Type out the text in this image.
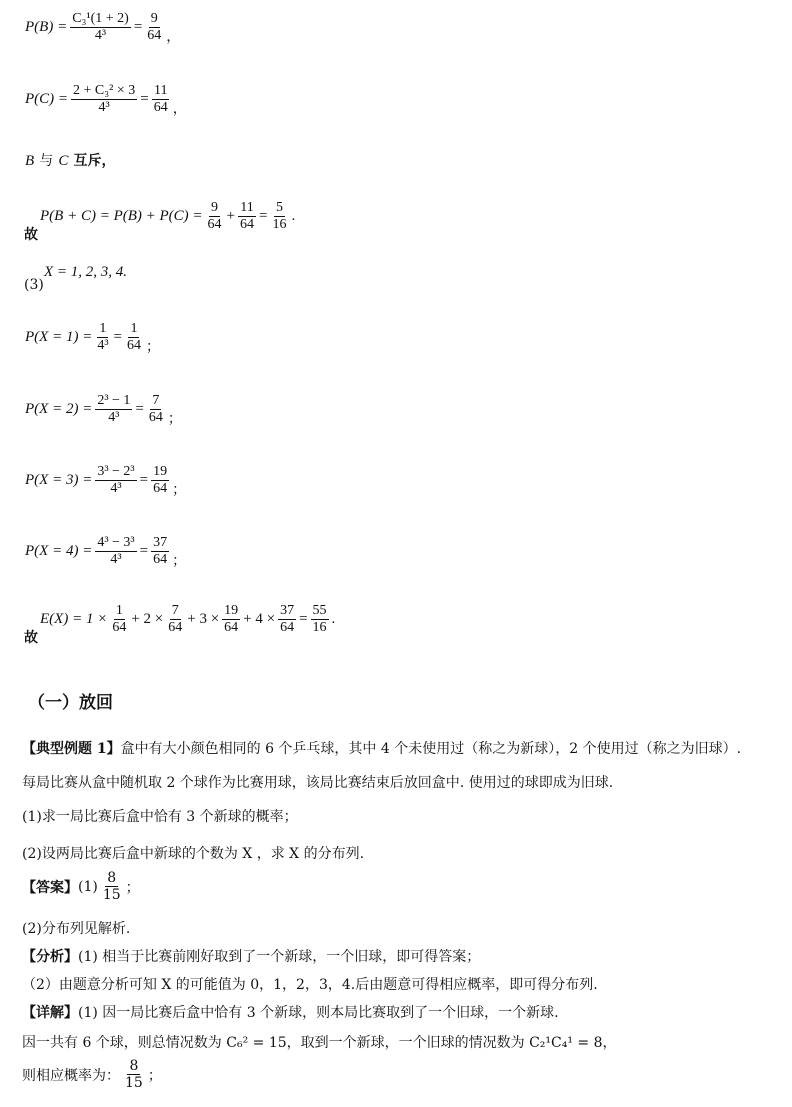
$P(B) = \frac{\text{C₃¹(1 + 2)}}{\text{4³}} = \frac{9}{64}$ ，
$P(C) = \frac{\text{2 + C₃² × 3}}{\text{4³}} = \frac{11}{64}$ ，
B 与 C 互斥，
$P(B + C) = P(B) + P(C) = \frac{9}{64} + \frac{11}{64} = \frac{5}{16}$ .
故
X = 1, 2, 3, 4.
(3)
$P(X = 1) = \frac{1}{\text{4³}} = \frac{1}{64}$ ；
$P(X = 2) = \frac{\text{2³ − 1}}{\text{4³}} = \frac{7}{64}$ ；
$P(X = 3) = \frac{\text{3³ − 2³}}{\text{4³}} = \frac{19}{64}$ ；
$P(X = 4) = \frac{\text{4³ − 3³}}{\text{4³}} = \frac{37}{64}$ ；
$E(X) = 1 \times \frac{1}{64} + 2 \times \frac{7}{64} + 3 \times \frac{19}{64} + 4 \times \frac{37}{64} = \frac{55}{16}$ .
故
（一）放回
【典型例题 1】盒中有大小颜色相同的 6 个乒乓球，其中 4 个未使用过（称之为新球），2 个使用过（称之为旧球）.
每局比赛从盒中随机取 2 个球作为比赛用球，该局比赛结束后放回盒中. 使用过的球即成为旧球.
(1)求一局比赛后盒中恰有 3 个新球的概率；
(2)设两局比赛后盒中新球的个数为 X ，求 X 的分布列.
【答案】 $(1) \frac{8}{15}$ ；
(2)分布列见解析.
【分析】(1) 相当于比赛前刚好取到了一个新球，一个旧球，即可得答案；
（2）由题意分析可知 X 的可能值为 0，1，2，3，4.后由题意可得相应概率，即可得分布列.
【详解】(1) 因一局比赛后盒中恰有 3 个新球，则本局比赛取到了一个旧球，一个新球.
因一共有 6 个球，则总情况数为 C₆² = 15，取到一个新球，一个旧球的情况数为 C₂¹C₄¹ = 8，
则相应概率为： $\frac{8}{15}$ ；
